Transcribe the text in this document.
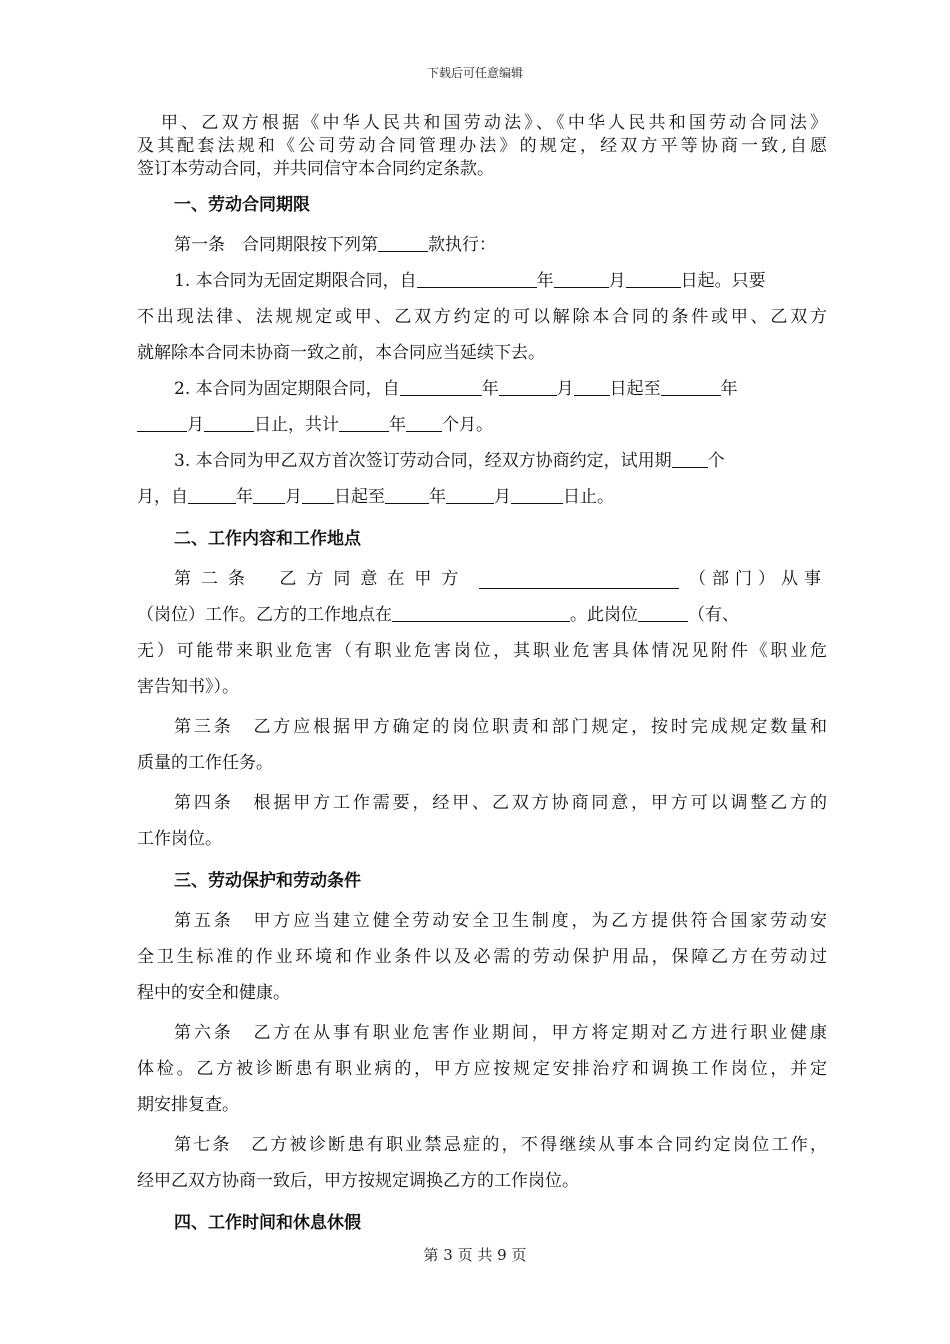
下载后可任意编辑

甲、乙双方根据《中华人民共和国劳动法》、《中华人民共和国劳动合同法》

及其配套法规和《公司劳动合同管理办法》的规定，经双方平等协商一致,自愿

签订本劳动合同，并共同信守本合同约定条款。

一、劳动合同期限

第一条　合同期限按下列第	款执行：

1. 本合同为无固定期限合同，自	年	月	日起。只要

不出现法律、法规规定或甲、乙双方约定的可以解除本合同的条件或甲、乙双方

就解除本合同未协商一致之前，本合同应当延续下去。

2. 本合同为固定期限合同，自	年	月 日起至	年

月	日止，共计	年 个月。

3. 本合同为甲乙双方首次签订劳动合同，经双方协商约定，试用期 个

月，自	年 月 日起至	年	月	日止。

二、工作内容和工作地点

第二条 乙方同意在甲方	（部门）从事

（岗位）工作。乙方的工作地点在	。此岗位	（有、

无）可能带来职业危害（有职业危害岗位，其职业危害具体情况见附件《职业危

害告知书》）。

第三条　乙方应根据甲方确定的岗位职责和部门规定，按时完成规定数量和

质量的工作任务。

第四条　根据甲方工作需要，经甲、乙双方协商同意，甲方可以调整乙方的

工作岗位。

三、劳动保护和劳动条件

第五条　甲方应当建立健全劳动安全卫生制度，为乙方提供符合国家劳动安

全卫生标准的作业环境和作业条件以及必需的劳动保护用品，保障乙方在劳动过

程中的安全和健康。

第六条　乙方在从事有职业危害作业期间，甲方将定期对乙方进行职业健康

体检。乙方被诊断患有职业病的，甲方应按规定安排治疗和调换工作岗位，并定

期安排复查。

第七条　乙方被诊断患有职业禁忌症的，不得继续从事本合同约定岗位工作，

经甲乙双方协商一致后，甲方按规定调换乙方的工作岗位。

四、工作时间和休息休假

第 3 页 共 9 页
